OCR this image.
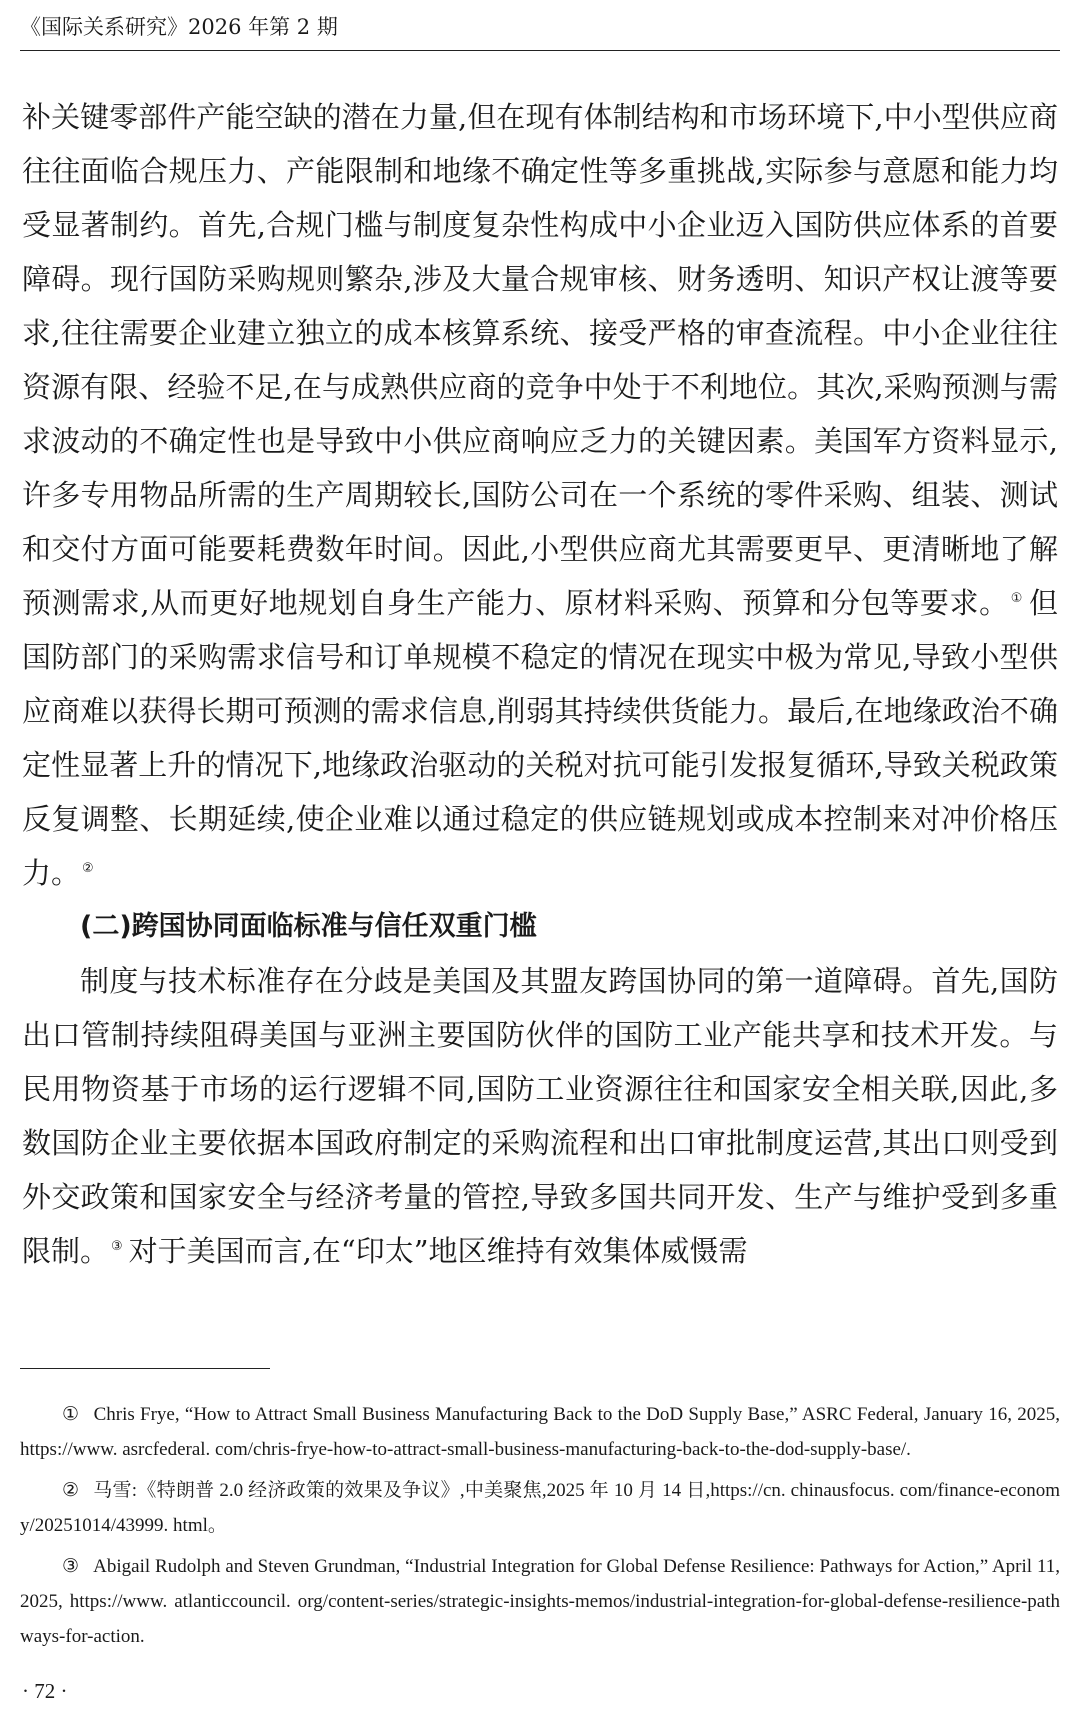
《国际关系研究》2026 年第 2 期

补关键零部件产能空缺的潜在力量,但在现有体制结构和市场环境下,中小型供应商往往面临合规压力、产能限制和地缘不确定性等多重挑战,实际参与意愿和能力均受显著制约。首先,合规门槛与制度复杂性构成中小企业迈入国防供应体系的首要障碍。现行国防采购规则繁杂,涉及大量合规审核、财务透明、知识产权让渡等要求,往往需要企业建立独立的成本核算系统、接受严格的审查流程。中小企业往往资源有限、经验不足,在与成熟供应商的竞争中处于不利地位。其次,采购预测与需求波动的不确定性也是导致中小供应商响应乏力的关键因素。美国军方资料显示,许多专用物品所需的生产周期较长,国防公司在一个系统的零件采购、组装、测试和交付方面可能要耗费数年时间。因此,小型供应商尤其需要更早、更清晰地了解预测需求,从而更好地规划自身生产能力、原材料采购、预算和分包等要求。 ① 但国防部门的采购需求信号和订单规模不稳定的情况在现实中极为常见,导致小型供应商难以获得长期可预测的需求信息,削弱其持续供货能力。最后,在地缘政治不确定性显著上升的情况下,地缘政治驱动的关税对抗可能引发报复循环,导致关税政策反复调整、长期延续,使企业难以通过稳定的供应链规划或成本控制来对冲价格压力。 ②

(二)跨国协同面临标准与信任双重门槛

制度与技术标准存在分歧是美国及其盟友跨国协同的第一道障碍。首先,国防出口管制持续阻碍美国与亚洲主要国防伙伴的国防工业产能共享和技术开发。与民用物资基于市场的运行逻辑不同,国防工业资源往往和国家安全相关联,因此,多数国防企业主要依据本国政府制定的采购流程和出口审批制度运营,其出口则受到外交政策和国家安全与经济考量的管控,导致多国共同开发、生产与维护受到多重限制。 ③ 对于美国而言,在“印太”地区维持有效集体威慑需

① Chris Frye, “How to Attract Small Business Manufacturing Back to the DoD Supply Base,” ASRC Federal, January 16, 2025, https://www. asrcfederal. com/chris-frye-how-to-attract-small-business-manufacturing-back-to-the-dod-supply-base/.

② 马雪:《特朗普 2.0 经济政策的效果及争议》,中美聚焦,2025 年 10 月 14 日,https://cn. chinausfocus. com/finance-economy/20251014/43999. html。

③ Abigail Rudolph and Steven Grundman, “Industrial Integration for Global Defense Resilience: Pathways for Action,” April 11, 2025, https://www. atlanticcouncil. org/content-series/strategic-insights-memos/industrial-integration-for-global-defense-resilience-pathways-for-action.

· 72 ·
